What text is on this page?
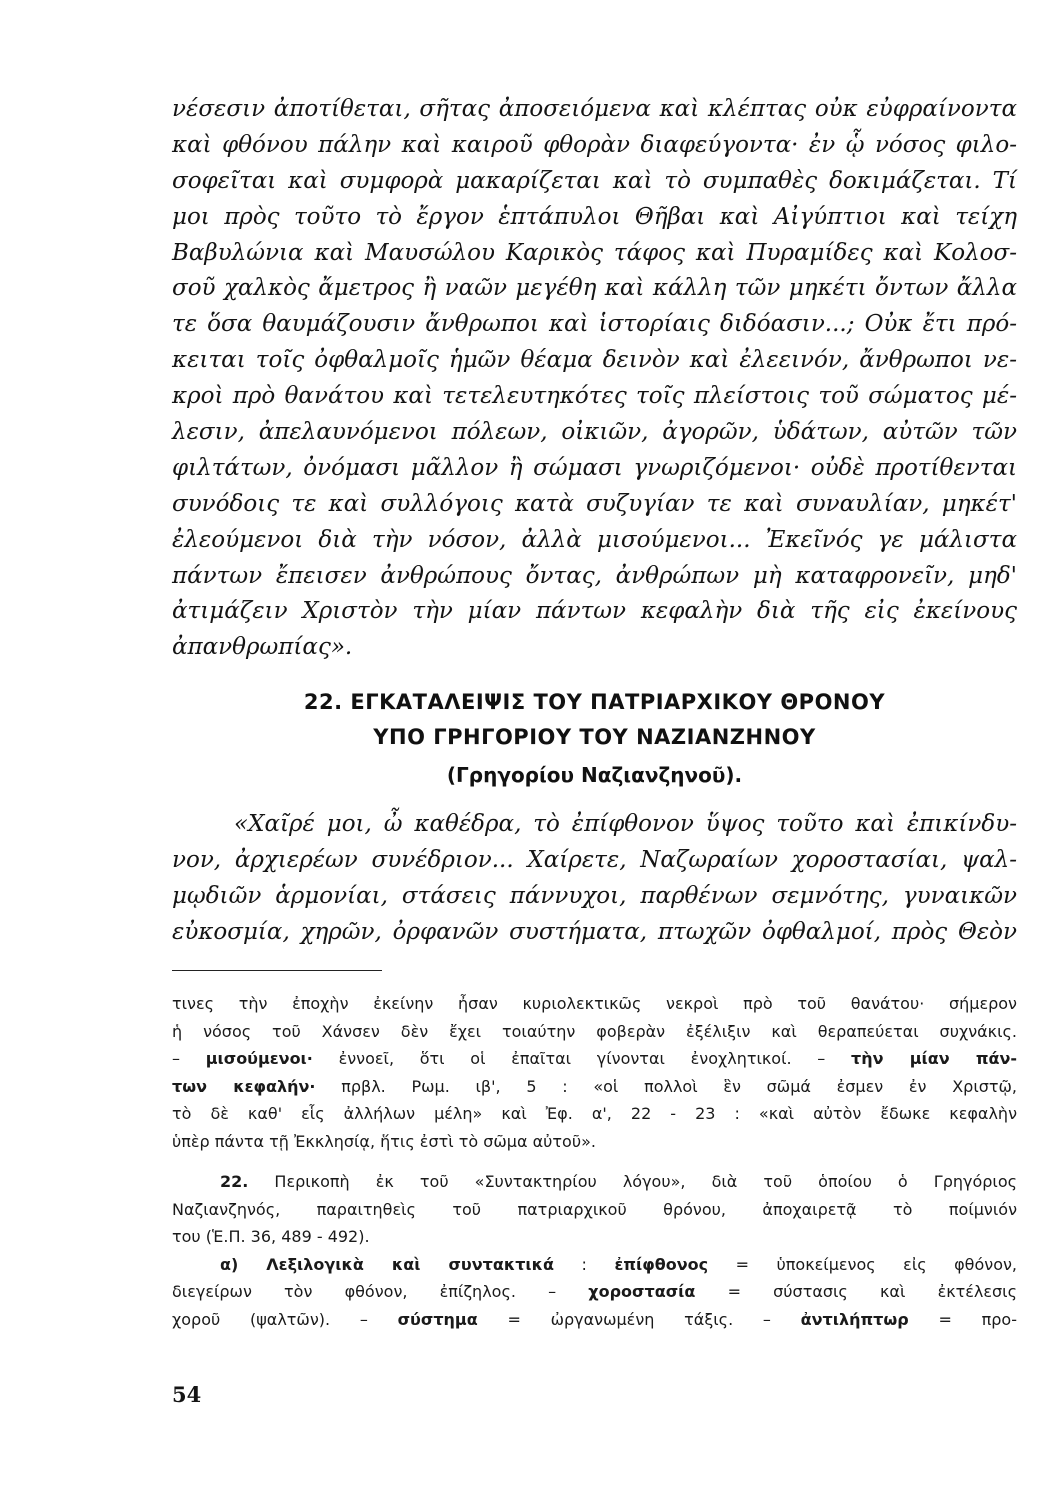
νέσεσιν ἀποτίθεται, σῆτας ἀποσειόμενα καὶ κλέπτας οὐκ εὐφραίνοντα
καὶ φθόνου πάλην καὶ καιροῦ φθορὰν διαφεύγοντα· ἐν ᾧ νόσος φιλο-
σοφεῖται καὶ συμφορὰ μακαρίζεται καὶ τὸ συμπαθὲς δοκιμάζεται. Τί
μοι πρὸς τοῦτο τὸ ἔργον ἑπτάπυλοι Θῆβαι καὶ Αἰγύπτιοι καὶ τείχη
Βαβυλώνια καὶ Μαυσώλου Καρικὸς τάφος καὶ Πυραμίδες καὶ Κολοσ-
σοῦ χαλκὸς ἄμετρος ἢ ναῶν μεγέθη καὶ κάλλη τῶν μηκέτι ὄντων ἄλλα
τε ὅσα θαυμάζουσιν ἄνθρωποι καὶ ἱστορίαις διδόασιν...; Οὐκ ἔτι πρό-
κειται τοῖς ὀφθαλμοῖς ἡμῶν θέαμα δεινὸν καὶ ἐλεεινόν, ἄνθρωποι νε-
κροὶ πρὸ θανάτου καὶ τετελευτηκότες τοῖς πλείστοις τοῦ σώματος μέ-
λεσιν, ἀπελαυνόμενοι πόλεων, οἰκιῶν, ἀγορῶν, ὑδάτων, αὐτῶν τῶν
φιλτάτων, ὀνόμασι μᾶλλον ἢ σώμασι γνωριζόμενοι· οὐδὲ προτίθενται
συνόδοις τε καὶ συλλόγοις κατὰ συζυγίαν τε καὶ συναυλίαν, μηκέτ'
ἐλεούμενοι διὰ τὴν νόσον, ἀλλὰ μισούμενοι... Ἐκεῖνός γε μάλιστα
πάντων ἔπεισεν ἀνθρώπους ὄντας, ἀνθρώπων μὴ καταφρονεῖν, μηδ'
ἀτιμάζειν Χριστὸν τὴν μίαν πάντων κεφαλὴν διὰ τῆς εἰς ἐκείνους
ἀπανθρωπίας».
22. ΕΓΚΑΤΑΛΕΙΨΙΣ ΤΟΥ ΠΑΤΡΙΑΡΧΙΚΟΥ ΘΡΟΝΟΥ
ΥΠΟ ΓΡΗΓΟΡΙΟΥ ΤΟΥ ΝΑΖΙΑΝΖΗΝΟΥ
(Γρηγορίου Ναζιανζηνοῦ).
«Χαῖρέ μοι, ὦ καθέδρα, τὸ ἐπίφθονον ὕψος τοῦτο καὶ ἐπικίνδυ-
νον, ἀρχιερέων συνέδριον... Χαίρετε, Ναζωραίων χοροστασίαι, ψαλ-
μῳδιῶν ἁρμονίαι, στάσεις πάννυχοι, παρθένων σεμνότης, γυναικῶν
εὐκοσμία, χηρῶν, ὀρφανῶν συστήματα, πτωχῶν ὀφθαλμοί, πρὸς Θεὸν
τινες τὴν ἐποχὴν ἐκείνην ἦσαν κυριολεκτικῶς νεκροὶ πρὸ τοῦ θανάτου· σήμερον
ἡ νόσος τοῦ Χάνσεν δὲν ἔχει τοιαύτην φοβερὰν ἐξέλιξιν καὶ θεραπεύεται συχνάκις.
– μισούμενοι· ἐννοεῖ, ὅτι οἱ ἐπαῖται γίνονται ἐνοχλητικοί. – τὴν μίαν πάν-
των κεφαλήν· πρβλ. Ρωμ. ιβ', 5 : «οἱ πολλοὶ ἓν σῶμά ἐσμεν ἐν Χριστῷ,
τὸ δὲ καθ' εἷς ἀλλήλων μέλη» καὶ Ἐφ. α', 22 - 23 : «καὶ αὐτὸν ἔδωκε κεφαλὴν
ὑπὲρ πάντα τῇ Ἐκκλησίᾳ, ἥτις ἐστὶ τὸ σῶμα αὐτοῦ».
22. Περικοπὴ ἐκ τοῦ «Συντακτηρίου λόγου», διὰ τοῦ ὁποίου ὁ Γρηγόριος
Ναζιανζηνός, παραιτηθεὶς τοῦ πατριαρχικοῦ θρόνου, ἀποχαιρετᾷ τὸ ποίμνιόν
του (Ἑ.Π. 36, 489 - 492).
α) Λεξιλογικὰ καὶ συντακτικά : ἐπίφθονος = ὑποκείμενος εἰς φθόνον,
διεγείρων τὸν φθόνον, ἐπίζηλος. – χοροστασία = σύστασις καὶ ἐκτέλεσις
χοροῦ (ψαλτῶν). – σύστημα = ὠργανωμένη τάξις. – ἀντιλήπτωρ = προ-
54
